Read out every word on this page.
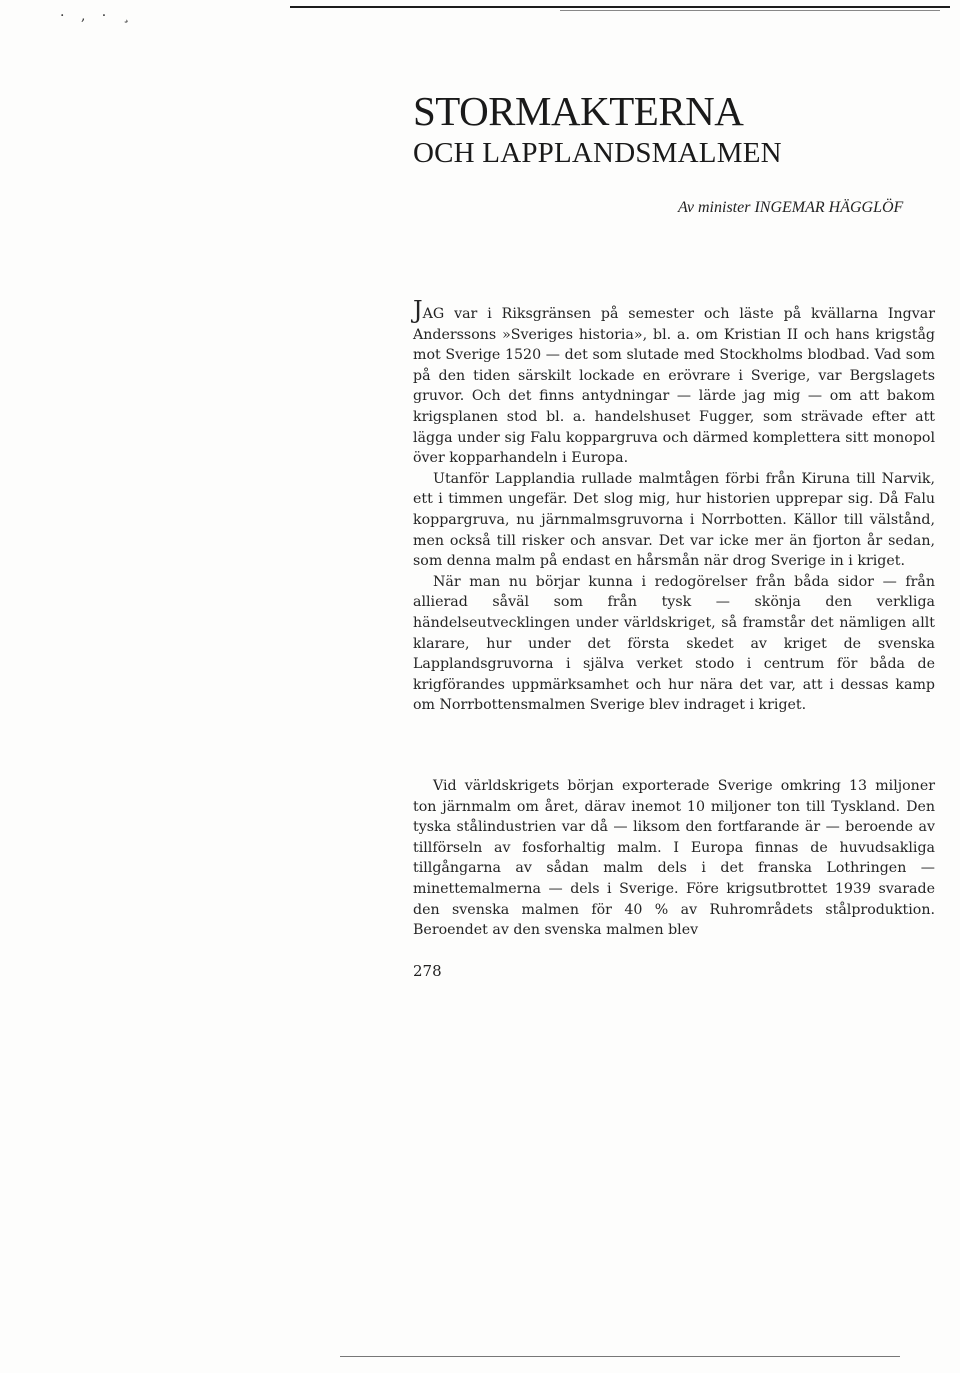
· ‚ · ¸
STORMAKTERNA
OCH LAPPLANDSMALMEN

Av minister INGEMAR HÄGGLÖF

JAG var i Riksgränsen på semester och läste på kvällarna Ingvar Anderssons »Sveriges historia», bl. a. om Kristian II och hans krigståg mot Sverige 1520 — det som slutade med Stockholms blodbad. Vad som på den tiden särskilt lockade en erövrare i Sverige, var Bergslagets gruvor. Och det finns antydningar — lärde jag mig — om att bakom krigsplanen stod bl. a. handelshuset Fugger, som strävade efter att lägga under sig Falu koppargruva och därmed komplettera sitt monopol över kopparhandeln i Europa.

Utanför Lapplandia rullade malmtågen förbi från Kiruna till Narvik, ett i timmen ungefär. Det slog mig, hur historien upprepar sig. Då Falu koppargruva, nu järnmalmsgruvorna i Norrbotten. Källor till välstånd, men också till risker och ansvar. Det var icke mer än fjorton år sedan, som denna malm på endast en hårsmån när drog Sverige in i kriget.

När man nu börjar kunna i redogörelser från båda sidor — från allierad såväl som från tysk — skönja den verkliga händelseutvecklingen under världskriget, så framstår det nämligen allt klarare, hur under det första skedet av kriget de svenska Lapplandsgruvorna i själva verket stodo i centrum för båda de krigförandes uppmärksamhet och hur nära det var, att i dessas kamp om Norrbottensmalmen Sverige blev indraget i kriget.

Vid världskrigets början exporterade Sverige omkring 13 miljoner ton järnmalm om året, därav inemot 10 miljoner ton till Tyskland. Den tyska stålindustrien var då — liksom den fortfarande är — beroende av tillförseln av fosforhaltig malm. I Europa finnas de huvudsakliga tillgångarna av sådan malm dels i det franska Lothringen — minettemalmerna — dels i Sverige. Före krigsutbrottet 1939 svarade den svenska malmen för 40 % av Ruhrområdets stålproduktion. Beroendet av den svenska malmen blev

278
